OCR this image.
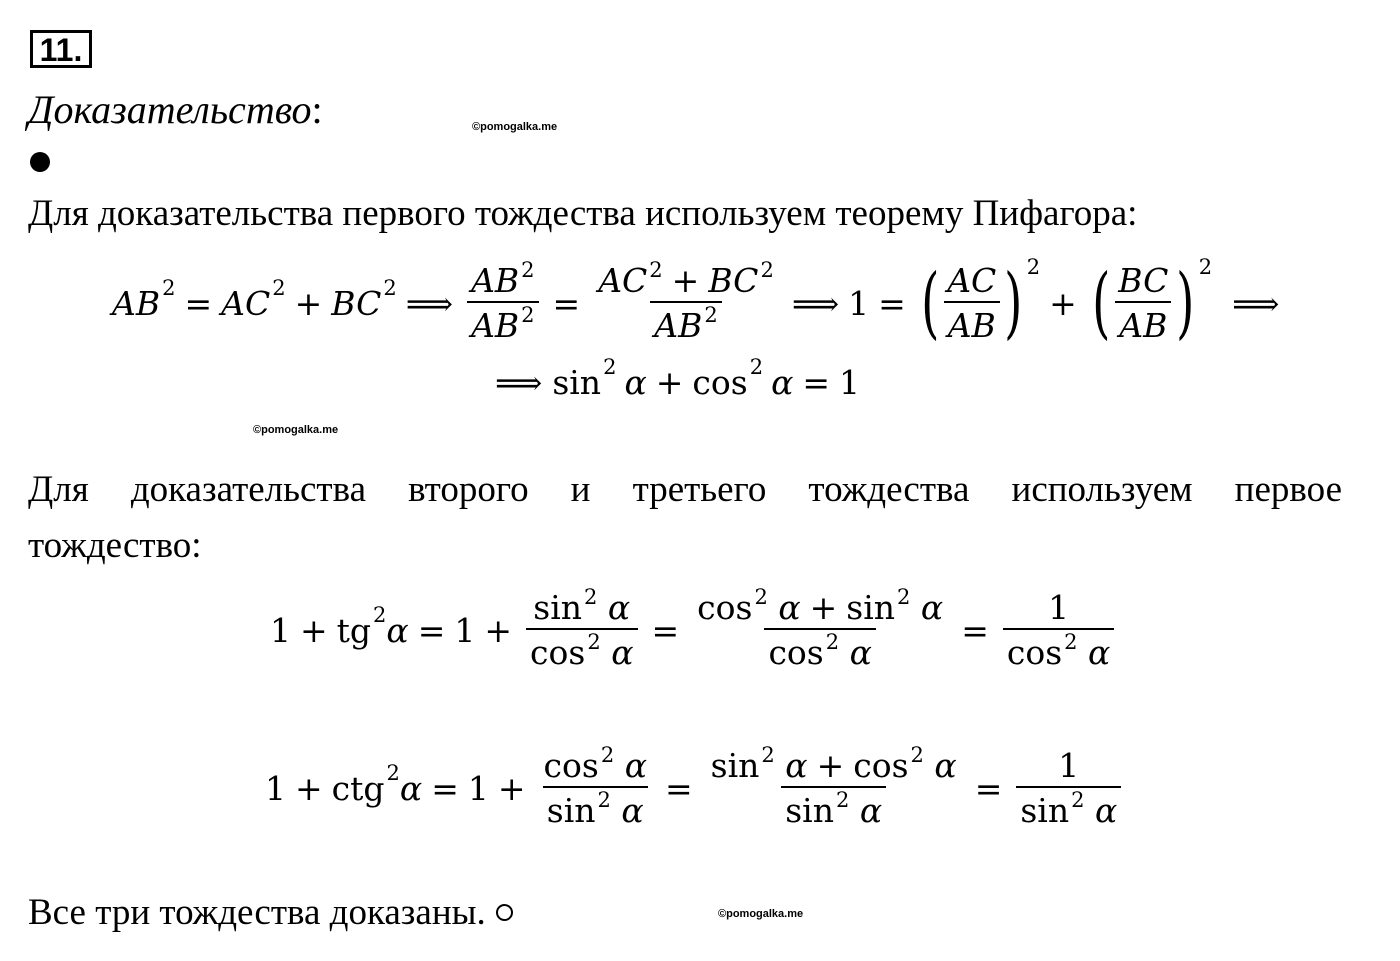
11.
Доказательство:	©pomogalka.me
Для доказательства первого тождества используем теорему Пифагора:
AB 2 = AC 2 + BC 2 ⟹ $\frac{AB^2}{AB^2} = \frac{AC^2 + BC^2}{AB^2}$ ⟹ 1 = ( $\frac{AC}{AB}$ ) 2
+ ( $\frac{BC}{AB}$ ) 2
⟹
⟹ sin 2 α + cos 2 α = 1
©pomogalka.me
Для доказательства второго и третьего тождества используем первое
тождество:
1 + tg 2 $\alpha = 1 + \frac{\sin^2 \alpha}{\cos^2 \alpha} = \frac{\cos^2 \alpha + \sin^2 \alpha}{\cos^2 \alpha} = \frac{1}{\cos^2 \alpha}$
1 + ctg 2 $\alpha = 1 + \frac{\cos^2 \alpha}{\sin^2 \alpha} = \frac{\sin^2 \alpha + \cos^2 \alpha}{\sin^2 \alpha} = \frac{1}{\sin^2 \alpha}$
Все три тождества доказаны.	©pomogalka.me
